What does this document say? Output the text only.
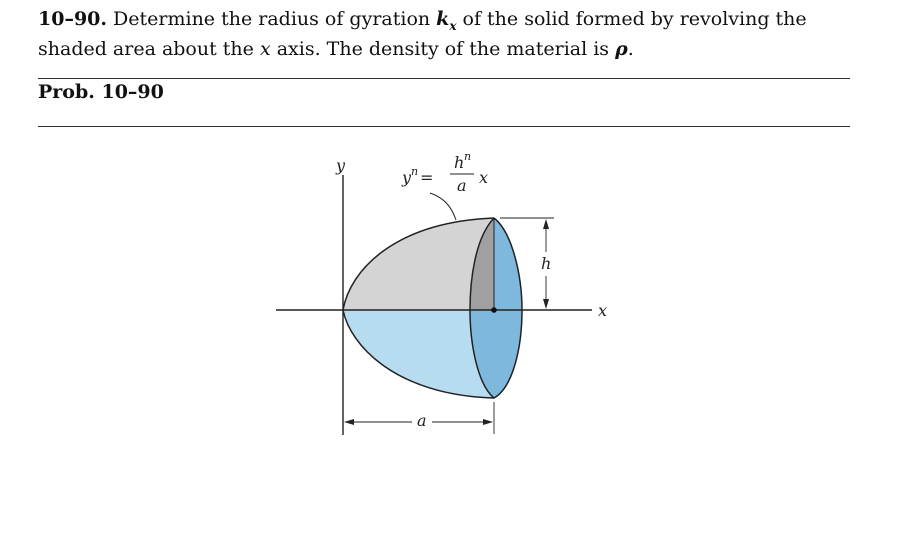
10–90. Determine the radius of gyration $k_x$ of the solid formed by revolving the shaded area about the x axis. The density of the material is ρ.
Prob. 10–90
y
x
h
a
y n =
h n
a x
